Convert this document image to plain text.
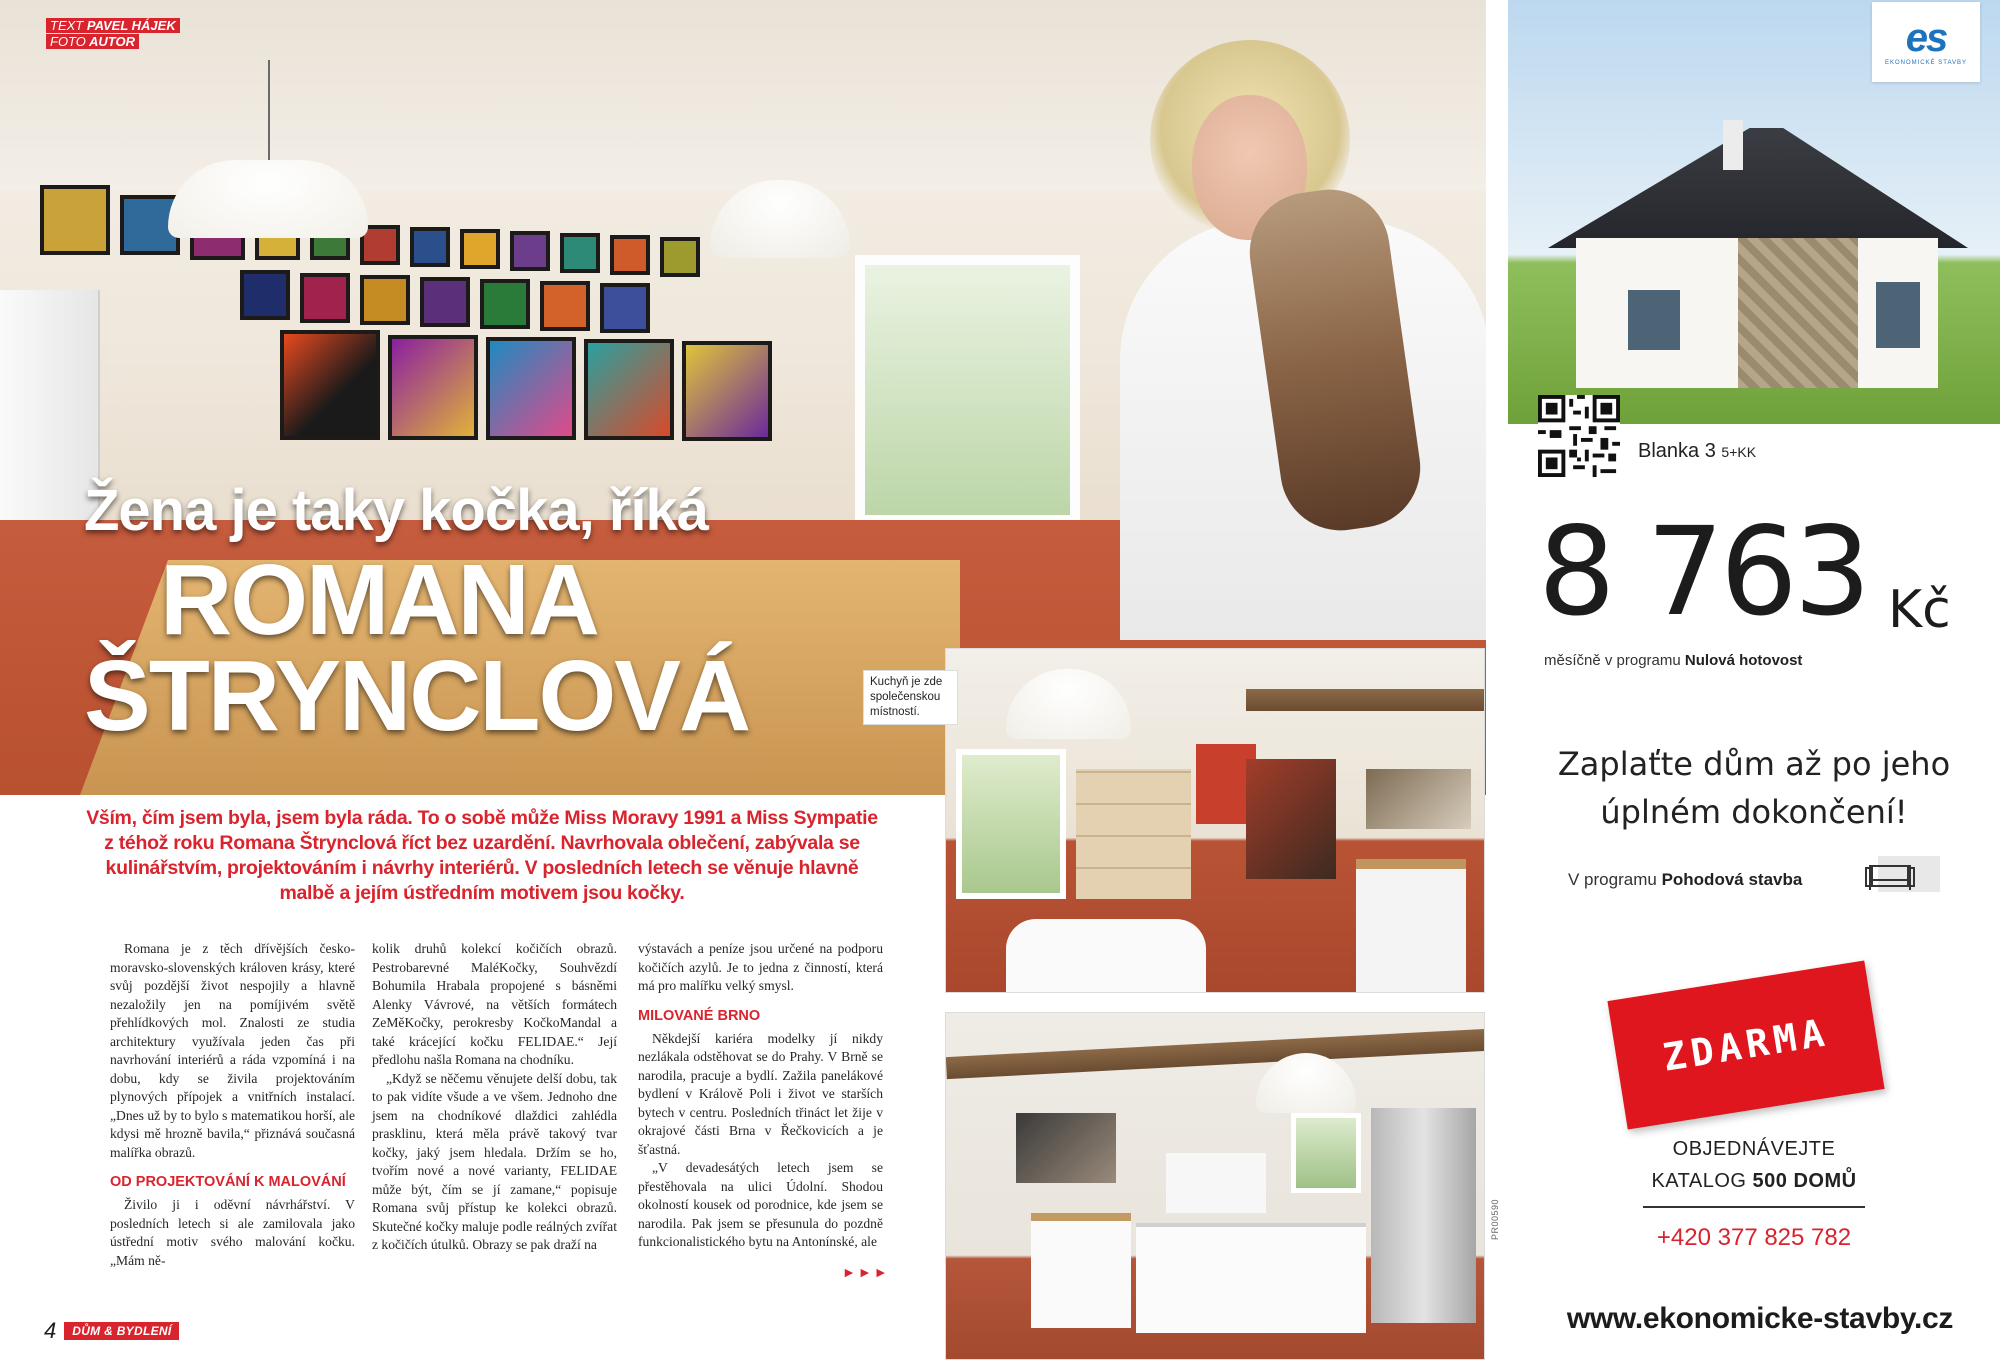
TEXT PAVEL HÁJEK
FOTO AUTOR
Žena je taky kočka, říká
ROMANA
ŠTRYNCLOVÁ
Vším, čím jsem byla, jsem byla ráda. To o sobě může Miss Moravy 1991 a Miss Sympatie z téhož roku Romana Štrynclová říct bez uzardění. Navrhovala oblečení, zabývala se kulinářstvím, projektováním i návrhy interiérů. V posledních letech se věnuje hlavně malbě a jejím ústředním motivem jsou kočky.

Romana je z těch dřívějších česko-moravsko-slovenských královen krásy, které svůj pozdější život nespojily a hlavně nezaložily jen na pomíjivém světě přehlídkových mol. Znalosti ze studia architektury využívala jeden čas při navrhování interiérů a ráda vzpomíná i na dobu, kdy se živila projektováním plynových přípojek a vnitřních instalací. „Dnes už by to bylo s matematikou horší, ale kdysi mě hrozně bavila,“ přiznává současná malířka obrazů.

OD PROJEKTOVÁNÍ K MALOVÁNÍ

Živilo ji i oděvní návrhářství. V posledních letech si ale zamilovala jako ústřední motiv svého malování kočku. „Mám ně-

kolik druhů kolekcí kočičích obrazů. Pestrobarevné MaléKočky, Souhvězdí Bohumila Hrabala propojené s básněmi Alenky Vávrové, na větších formátech ZeMěKočky, perokresby KočkoMandal a také krácející kočku FELIDAE.“ Její předlohu našla Romana na chodníku.

„Když se něčemu věnujete delší dobu, tak to pak vidíte všude a ve všem. Jednoho dne jsem na chodníkové dlaždici zahlédla prasklinu, která měla právě takový tvar kočky, jaký jsem hledala. Držím se ho, tvořím nové a nové varianty, FELIDAE může být, čím se jí zamane,“ popisuje Romana svůj přístup ke kolekci obrazů. Skutečné kočky maluje podle reálných zvířat z kočičích útulků. Obrazy se pak draží na

výstavách a peníze jsou určené na podporu kočičích azylů. Je to jedna z činností, která má pro malířku velký smysl.

MILOVANÉ BRNO

Někdejší kariéra modelky jí nikdy nezlákala odstěhovat se do Prahy. V Brně se narodila, pracuje a bydlí. Zažila panelákové bydlení v Králově Poli i život ve starších bytech v centru. Posledních třináct let žije v okrajové části Brna v Řečkovicích a je šťastná.

„V devadesátých letech jsem se přestěhovala na ulici Údolní. Shodou okolností kousek od porodnice, kde jsem se narodila. Pak jsem se přesunula do pozdně funkcionalistického bytu na Antonínské, ale

►►►
4	DŮM & BYDLENÍ
Kuchyň je zde společenskou místností.
PR00590
es
EKONOMICKÉ STAVBY
Blanka 3 5+KK
8 763 Kč
měsíčně v programu Nulová hotovost
Zaplaťte dům až po jeho úplném dokončení!
V programu Pohodová stavba
ZDARMA
OBJEDNÁVEJTE
KATALOG 500 DOMŮ
+420 377 825 782
www.ekonomicke-stavby.cz
